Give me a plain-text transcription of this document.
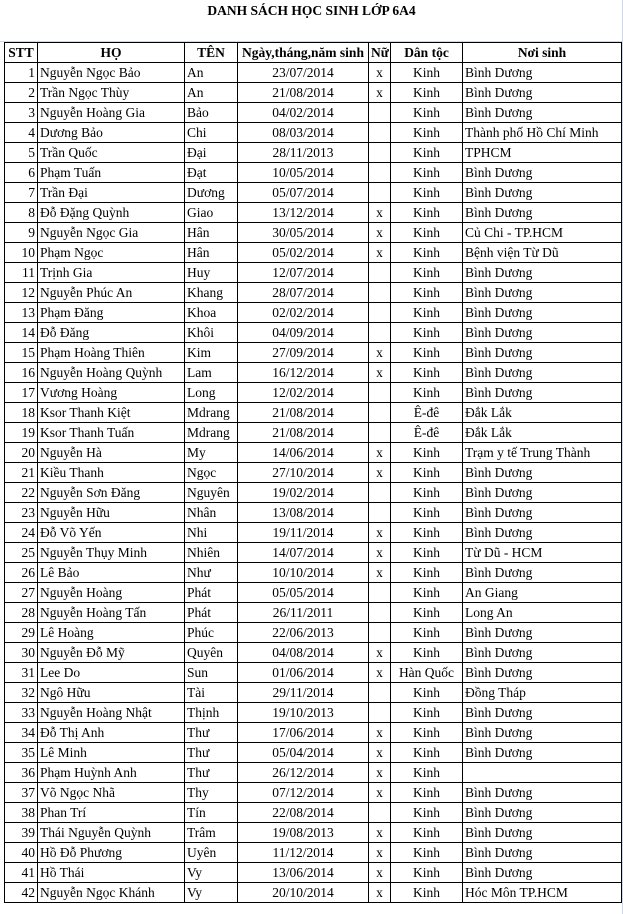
DANH SÁCH HỌC SINH LỚP 6A4
STT	HỌ	TÊN	Ngày,tháng,năm sinh	Nữ	Dân tộc	Nơi sinh
1	Nguyễn Ngọc Bảo	An	23/07/2014	x	Kinh	Bình Dương
2	Trần Ngọc Thùy	An	21/08/2014	x	Kinh	Bình Dương
3	Nguyễn Hoàng Gia	Bảo	04/02/2014		Kinh	Bình Dương
4	Dương Bảo	Chi	08/03/2014		Kinh	Thành phố Hồ Chí Minh
5	Trần Quốc	Đại	28/11/2013		Kinh	TPHCM
6	Phạm Tuấn	Đạt	10/05/2014		Kinh	Bình Dương
7	Trần Đại	Dương	05/07/2014		Kinh	Bình Dương
8	Đỗ Đặng Quỳnh	Giao	13/12/2014	x	Kinh	Bình Dương
9	Nguyễn Ngọc Gia	Hân	30/05/2014	x	Kinh	Củ Chi - TP.HCM
10	Phạm Ngọc	Hân	05/02/2014	x	Kinh	Bệnh viện Từ Dũ
11	Trịnh Gia	Huy	12/07/2014		Kinh	Bình Dương
12	Nguyễn Phúc An	Khang	28/07/2014		Kinh	Bình Dương
13	Phạm Đăng	Khoa	02/02/2014		Kinh	Bình Dương
14	Đỗ Đăng	Khôi	04/09/2014		Kinh	Bình Dương
15	Phạm Hoàng Thiên	Kim	27/09/2014	x	Kinh	Bình Dương
16	Nguyễn Hoàng Quỳnh	Lam	16/12/2014	x	Kinh	Bình Dương
17	Vương Hoàng	Long	12/02/2014		Kinh	Bình Dương
18	Ksor Thanh Kiệt	Mdrang	21/08/2014		Ê-đê	Đắk Lắk
19	Ksor Thanh Tuấn	Mdrang	21/08/2014		Ê-đê	Đắk Lắk
20	Nguyễn Hà	My	14/06/2014	x	Kinh	Trạm y tế Trung Thành
21	Kiều Thanh	Ngọc	27/10/2014	x	Kinh	Bình Dương
22	Nguyễn Sơn Đăng	Nguyên	19/02/2014		Kinh	Bình Dương
23	Nguyễn Hữu	Nhân	13/08/2014		Kinh	Bình Dương
24	Đỗ Võ Yến	Nhi	19/11/2014	x	Kinh	Bình Dương
25	Nguyễn Thụy Minh	Nhiên	14/07/2014	x	Kinh	Từ Dũ - HCM
26	Lê Bảo	Như	10/10/2014	x	Kinh	Bình Dương
27	Nguyễn Hoàng	Phát	05/05/2014		Kinh	An Giang
28	Nguyễn Hoàng Tấn	Phát	26/11/2011		Kinh	Long An
29	Lê Hoàng	Phúc	22/06/2013		Kinh	Bình Dương
30	Nguyễn Đỗ Mỹ	Quyên	04/08/2014	x	Kinh	Bình Dương
31	Lee Do	Sun	01/06/2014	x	Hàn Quốc	Bình Dương
32	Ngô Hữu	Tài	29/11/2014		Kinh	Đồng Tháp
33	Nguyễn Hoàng Nhật	Thịnh	19/10/2013		Kinh	Bình Dương
34	Đỗ Thị Anh	Thư	17/06/2014	x	Kinh	Bình Dương
35	Lê Minh	Thư	05/04/2014	x	Kinh	Bình Dương
36	Phạm Huỳnh Anh	Thư	26/12/2014	x	Kinh	
37	Võ Ngọc Nhã	Thy	07/12/2014	x	Kinh	Bình Dương
38	Phan Trí	Tín	22/08/2014		Kinh	Bình Dương
39	Thái Nguyễn Quỳnh	Trâm	19/08/2013	x	Kinh	Bình Dương
40	Hồ Đỗ Phương	Uyên	11/12/2014	x	Kinh	Bình Dương
41	Hồ Thái	Vy	13/06/2014	x	Kinh	Bình Dương
42	Nguyễn Ngọc Khánh	Vy	20/10/2014	x	Kinh	Hóc Môn TP.HCM
